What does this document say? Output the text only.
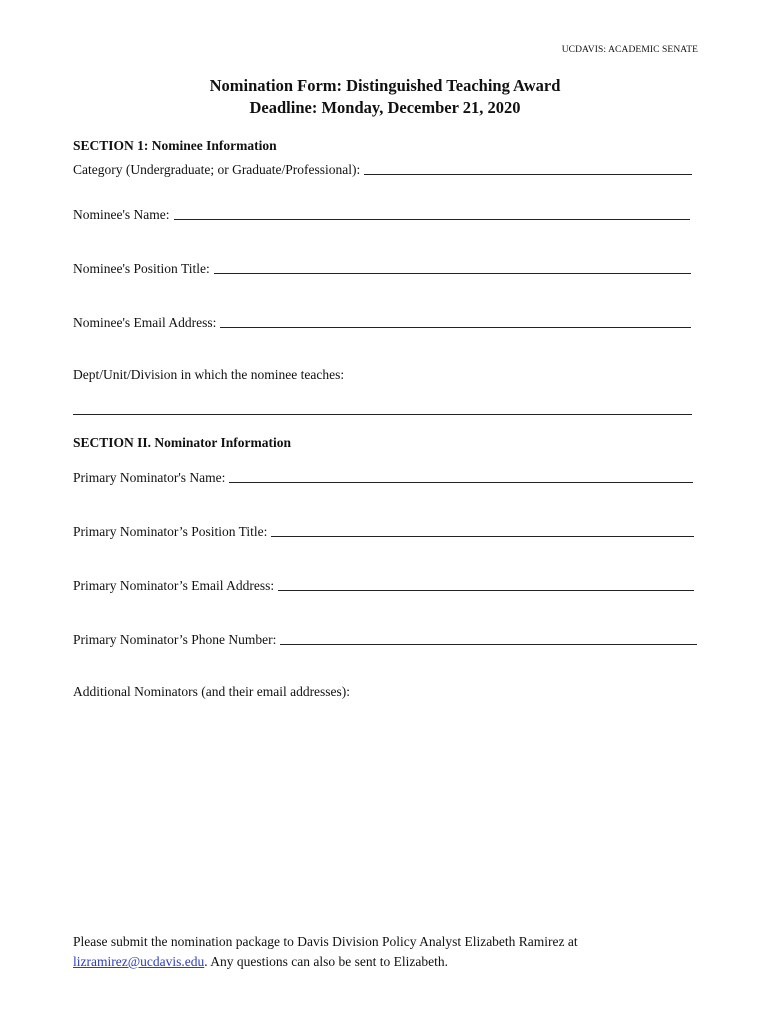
UCDAVIS: ACADEMIC SENATE
Nomination Form: Distinguished Teaching Award
Deadline: Monday, December 21, 2020
SECTION 1: Nominee Information
Category (Undergraduate; or Graduate/Professional):
Nominee's Name:
Nominee's Position Title:
Nominee's Email Address:
Dept/Unit/Division in which the nominee teaches:
SECTION II. Nominator Information
Primary Nominator's Name:
Primary Nominator’s Position Title:
Primary Nominator’s Email Address:
Primary Nominator’s Phone Number:
Additional Nominators (and their email addresses):
Please submit the nomination package to Davis Division Policy Analyst Elizabeth Ramirez at lizramirez@ucdavis.edu. Any questions can also be sent to Elizabeth.
